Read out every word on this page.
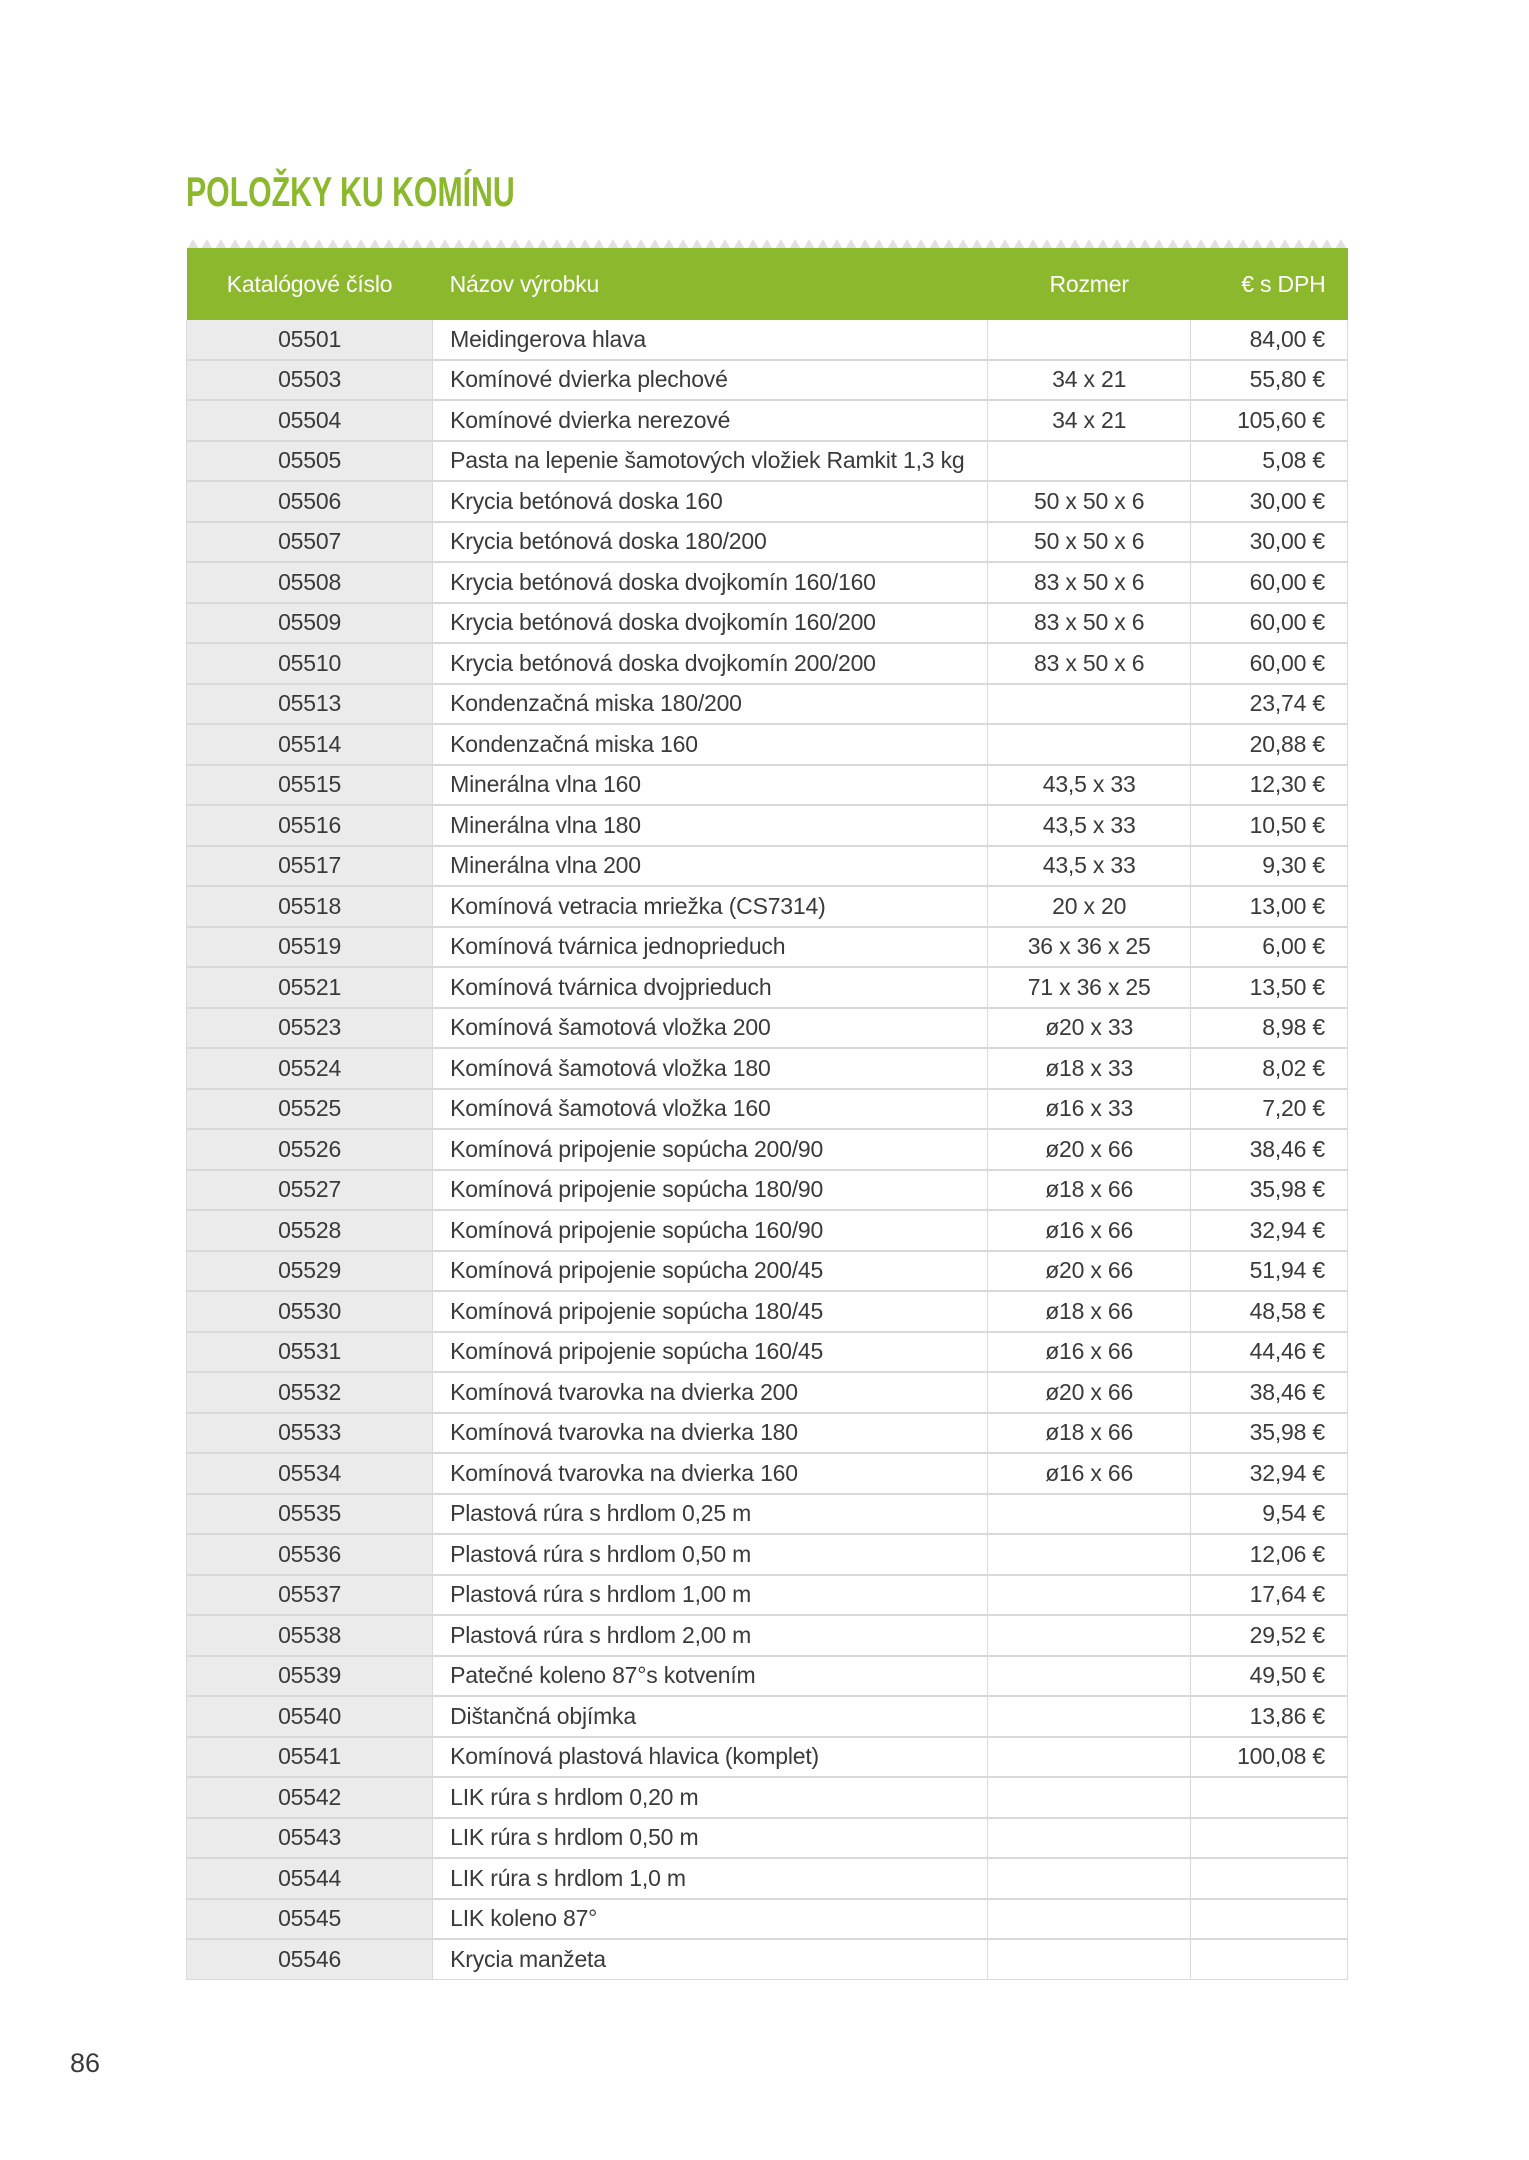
POLOŽKY KU KOMÍNU
Katalógové číslo	Názov výrobku	Rozmer	€ s DPH
05501	Meidingerova hlava		84,00 €
05503	Komínové dvierka plechové	34 x 21	55,80 €
05504	Komínové dvierka nerezové	34 x 21	105,60 €
05505	Pasta na lepenie šamotových vložiek Ramkit 1,3 kg		5,08 €
05506	Krycia betónová doska 160	50 x 50 x 6	30,00 €
05507	Krycia betónová doska 180/200	50 x 50 x 6	30,00 €
05508	Krycia betónová doska dvojkomín 160/160	83 x 50 x 6	60,00 €
05509	Krycia betónová doska dvojkomín 160/200	83 x 50 x 6	60,00 €
05510	Krycia betónová doska dvojkomín 200/200	83 x 50 x 6	60,00 €
05513	Kondenzačná miska 180/200		23,74 €
05514	Kondenzačná miska 160		20,88 €
05515	Minerálna vlna 160	43,5 x 33	12,30 €
05516	Minerálna vlna 180	43,5 x 33	10,50 €
05517	Minerálna vlna 200	43,5 x 33	9,30 €
05518	Komínová vetracia mriežka (CS7314)	20 x 20	13,00 €
05519	Komínová tvárnica jednoprieduch	36 x 36 x 25	6,00 €
05521	Komínová tvárnica dvojprieduch	71 x 36 x 25	13,50 €
05523	Komínová šamotová vložka 200	ø20 x 33	8,98 €
05524	Komínová šamotová vložka 180	ø18 x 33	8,02 €
05525	Komínová šamotová vložka 160	ø16 x 33	7,20 €
05526	Komínová pripojenie sopúcha 200/90	ø20 x 66	38,46 €
05527	Komínová pripojenie sopúcha 180/90	ø18 x 66	35,98 €
05528	Komínová pripojenie sopúcha 160/90	ø16 x 66	32,94 €
05529	Komínová pripojenie sopúcha 200/45	ø20 x 66	51,94 €
05530	Komínová pripojenie sopúcha 180/45	ø18 x 66	48,58 €
05531	Komínová pripojenie sopúcha 160/45	ø16 x 66	44,46 €
05532	Komínová tvarovka na dvierka 200	ø20 x 66	38,46 €
05533	Komínová tvarovka na dvierka 180	ø18 x 66	35,98 €
05534	Komínová tvarovka na dvierka 160	ø16 x 66	32,94 €
05535	Plastová rúra s hrdlom 0,25 m		9,54 €
05536	Plastová rúra s hrdlom 0,50 m		12,06 €
05537	Plastová rúra s hrdlom 1,00 m		17,64 €
05538	Plastová rúra s hrdlom 2,00 m		29,52 €
05539	Patečné koleno 87°s kotvením		49,50 €
05540	Dištančná objímka		13,86 €
05541	Komínová plastová hlavica (komplet)		100,08 €
05542	LIK rúra s hrdlom 0,20 m		
05543	LIK rúra s hrdlom 0,50 m		
05544	LIK rúra s hrdlom 1,0 m		
05545	LIK koleno 87°		
05546	Krycia manžeta		
86
